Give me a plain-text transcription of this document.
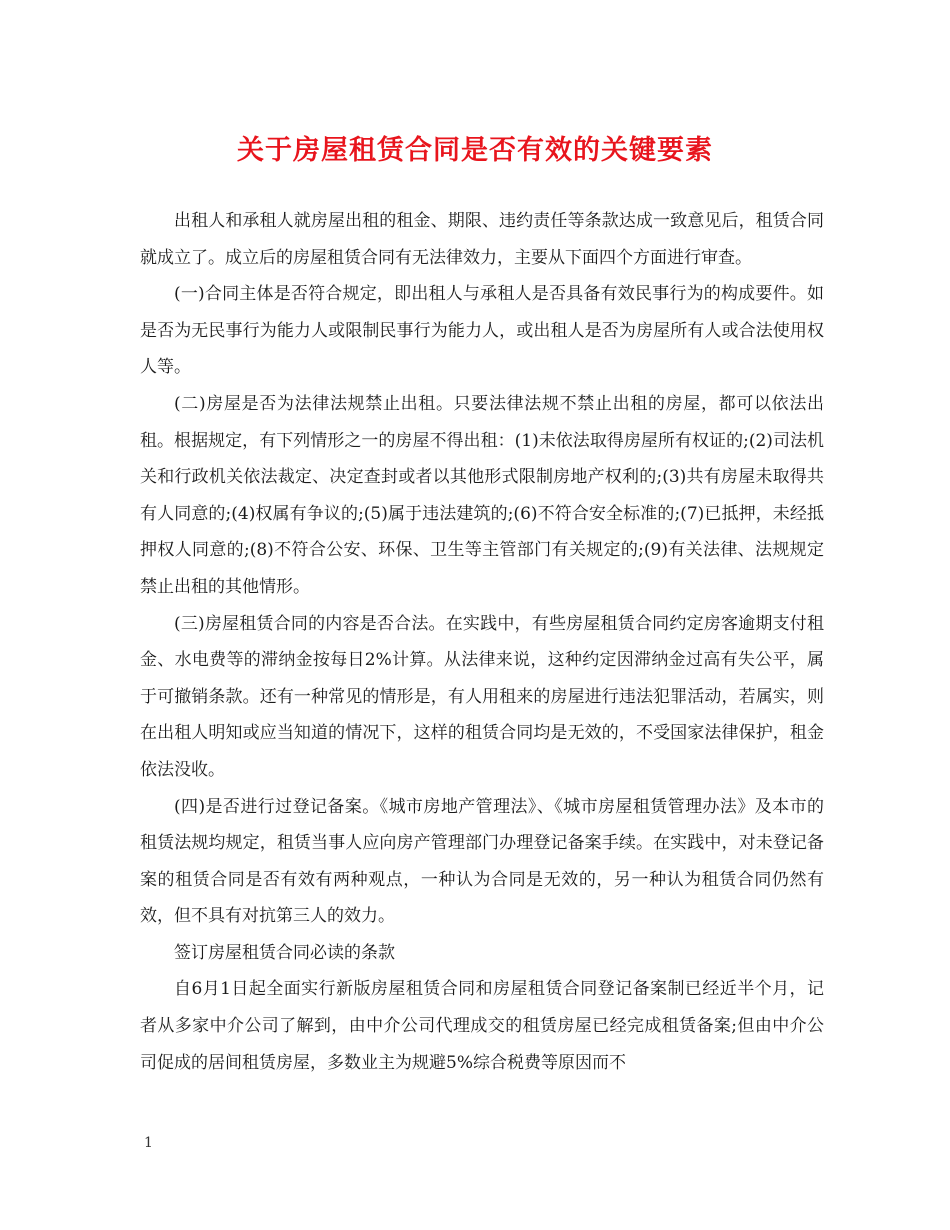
关于房屋租赁合同是否有效的关键要素

出租人和承租人就房屋出租的租金、期限、违约责任等条款达成一致意见后，租赁合同就成立了。成立后的房屋租赁合同有无法律效力，主要从下面四个方面进行审查。

(一)合同主体是否符合规定，即出租人与承租人是否具备有效民事行为的构成要件。如是否为无民事行为能力人或限制民事行为能力人，或出租人是否为房屋所有人或合法使用权人等。

(二)房屋是否为法律法规禁止出租。只要法律法规不禁止出租的房屋，都可以依法出租。根据规定，有下列情形之一的房屋不得出租：(1)未依法取得房屋所有权证的;(2)司法机关和行政机关依法裁定、决定查封或者以其他形式限制房地产权利的;(3)共有房屋未取得共有人同意的;(4)权属有争议的;(5)属于违法建筑的;(6)不符合安全标准的;(7)已抵押，未经抵押权人同意的;(8)不符合公安、环保、卫生等主管部门有关规定的;(9)有关法律、法规规定禁止出租的其他情形。

(三)房屋租赁合同的内容是否合法。在实践中，有些房屋租赁合同约定房客逾期支付租金、水电费等的滞纳金按每日2%计算。从法律来说，这种约定因滞纳金过高有失公平，属于可撤销条款。还有一种常见的情形是，有人用租来的房屋进行违法犯罪活动，若属实，则在出租人明知或应当知道的情况下，这样的租赁合同均是无效的，不受国家法律保护，租金依法没收。

(四)是否进行过登记备案。《城市房地产管理法》、《城市房屋租赁管理办法》及本市的租赁法规均规定，租赁当事人应向房产管理部门办理登记备案手续。在实践中，对未登记备案的租赁合同是否有效有两种观点，一种认为合同是无效的，另一种认为租赁合同仍然有效，但不具有对抗第三人的效力。

签订房屋租赁合同必读的条款

自6月1日起全面实行新版房屋租赁合同和房屋租赁合同登记备案制已经近半个月，记者从多家中介公司了解到，由中介公司代理成交的租赁房屋已经完成租赁备案;但由中介公司促成的居间租赁房屋，多数业主为规避5%综合税费等原因而不

1
